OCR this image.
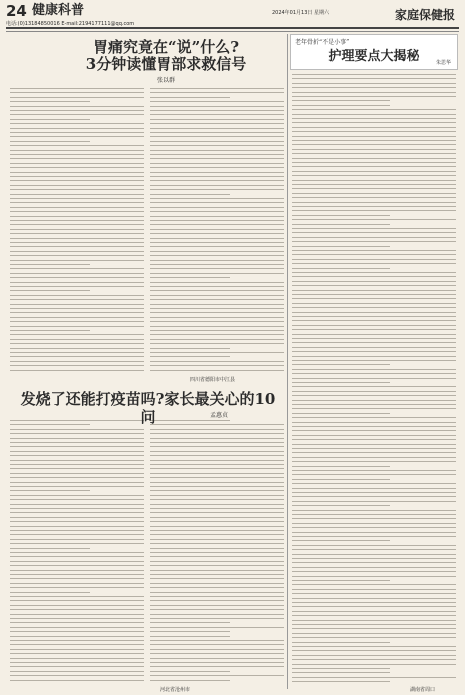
24 健康科普
电话:(0)13184850016 E-mail:2194177111@qq.com
2024年01月13日 星期六	家庭保健报
胃痛究竟在“说”什么?
3分钟读懂胃部求救信号
张以群
老年骨折“不是小事”
护理要点大揭秘	朱思华
发烧了还能打疫苗吗?家长最关心的10问	孟惠贞
四川省德阳市中江县
河北省沧州市	湖南省周口
